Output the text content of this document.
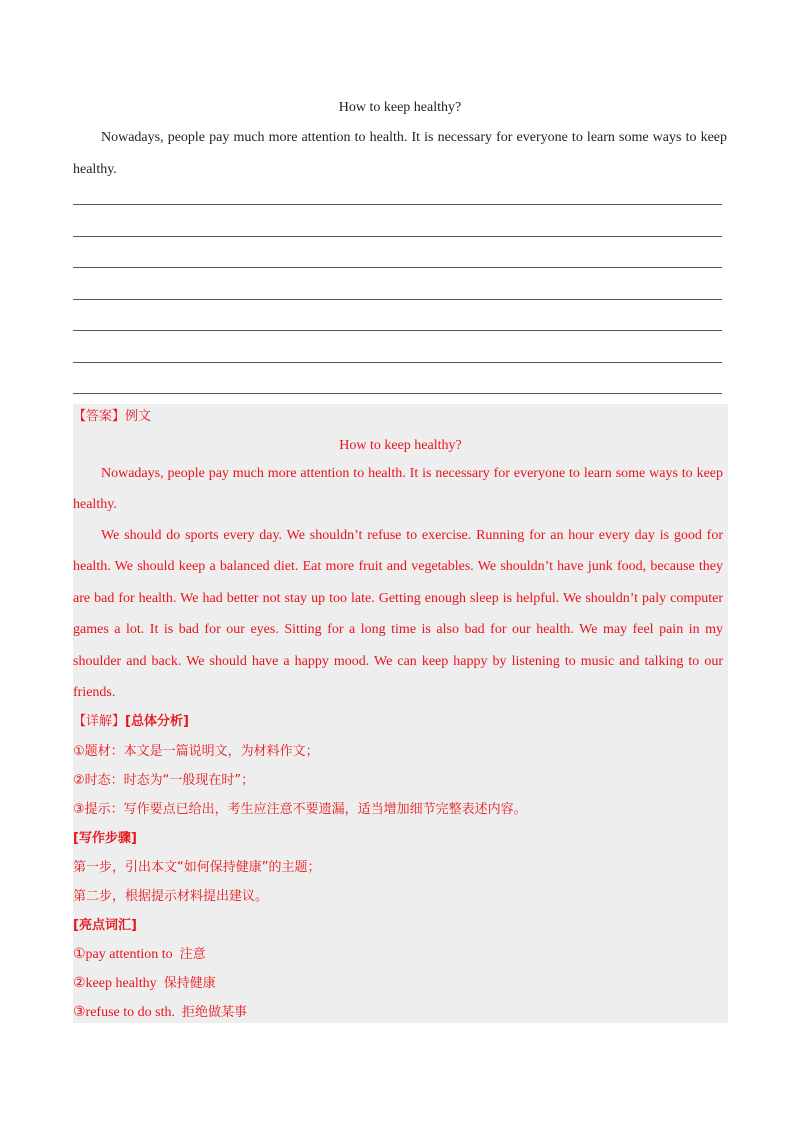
How to keep healthy?

Nowadays, people pay much more attention to health. It is necessary for everyone to learn some ways to keep healthy.

【答案】例文
How to keep healthy?

Nowadays, people pay much more attention to health. It is necessary for everyone to learn some ways to keep healthy.

We should do sports every day. We shouldn’t refuse to exercise. Running for an hour every day is good for health. We should keep a balanced diet. Eat more fruit and vegetables. We shouldn’t have junk food, because they are bad for health. We had better not stay up too late. Getting enough sleep is helpful. We shouldn’t paly computer games a lot. It is bad for our eyes. Sitting for a long time is also bad for our health. We may feel pain in my shoulder and back. We should have a happy mood. We can keep happy by listening to music and talking to our friends.

【详解】[总体分析]
①题材：本文是一篇说明文，为材料作文；
②时态：时态为“一般现在时”；
③提示：写作要点已给出，考生应注意不要遗漏，适当增加细节完整表述内容。
[写作步骤]
第一步，引出本文“如何保持健康”的主题；
第二步，根据提示材料提出建议。
[亮点词汇]
①pay attention to 注意
②keep healthy 保持健康
③refuse to do sth. 拒绝做某事
